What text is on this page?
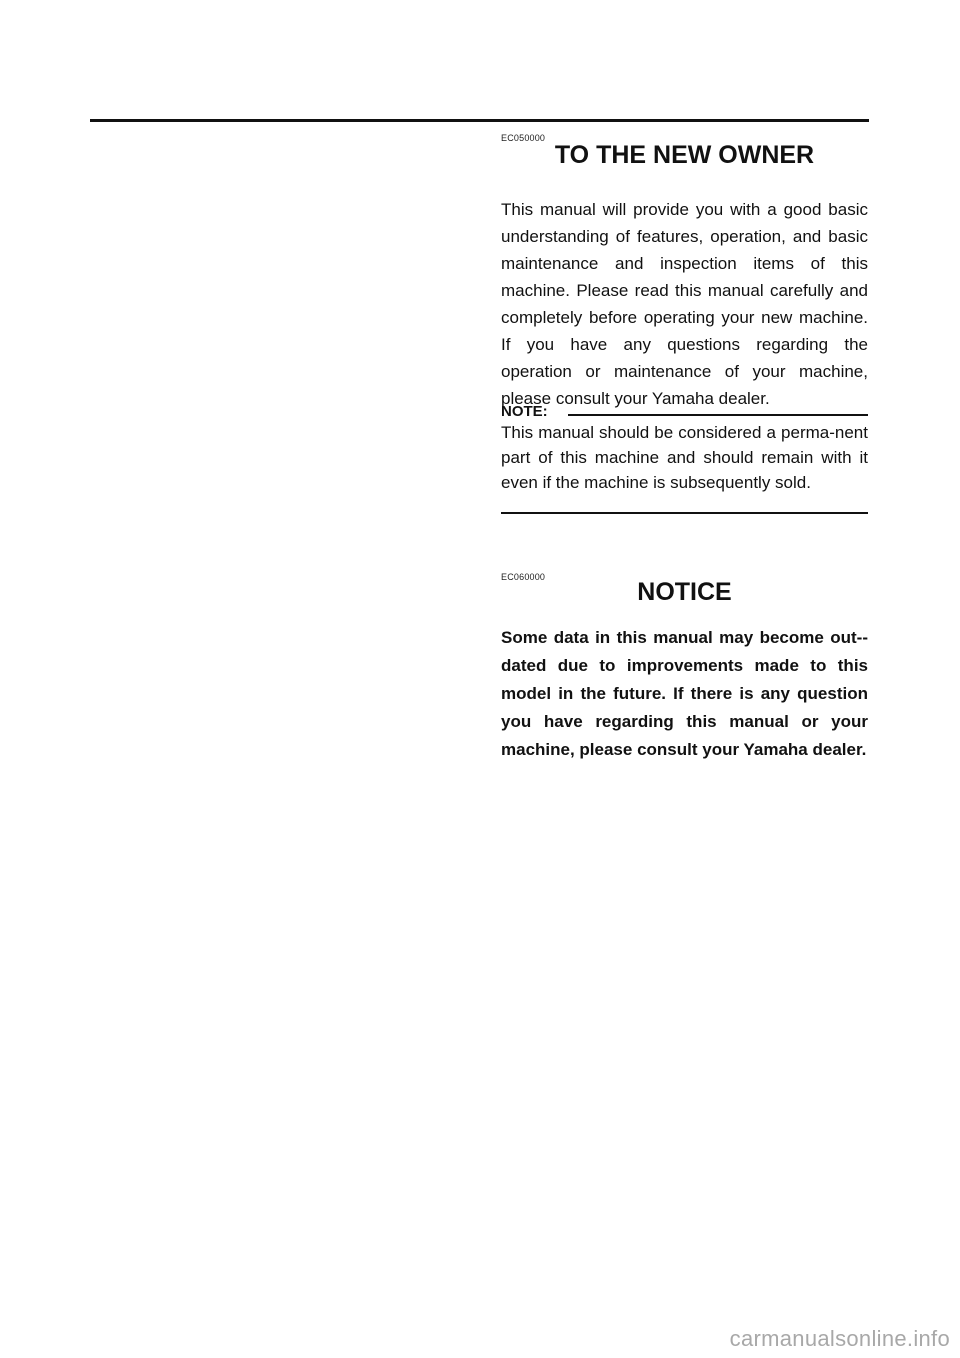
EC050000
TO THE NEW OWNER

This manual will provide you with a good basic understanding of features, operation, and basic maintenance and inspection items of this machine. Please read this manual carefully and completely before operating your new machine. If you have any questions regarding the operation or maintenance of your machine, please consult your Yamaha dealer.

NOTE:

This manual should be considered a perma-nent part of this machine and should remain with it even if the machine is subsequently sold.

EC060000
NOTICE

Some data in this manual may become out-dated due to improvements made to this model in the future. If there is any question you have regarding this manual or your machine, please consult your Yamaha dealer.

carmanualsonline.info
